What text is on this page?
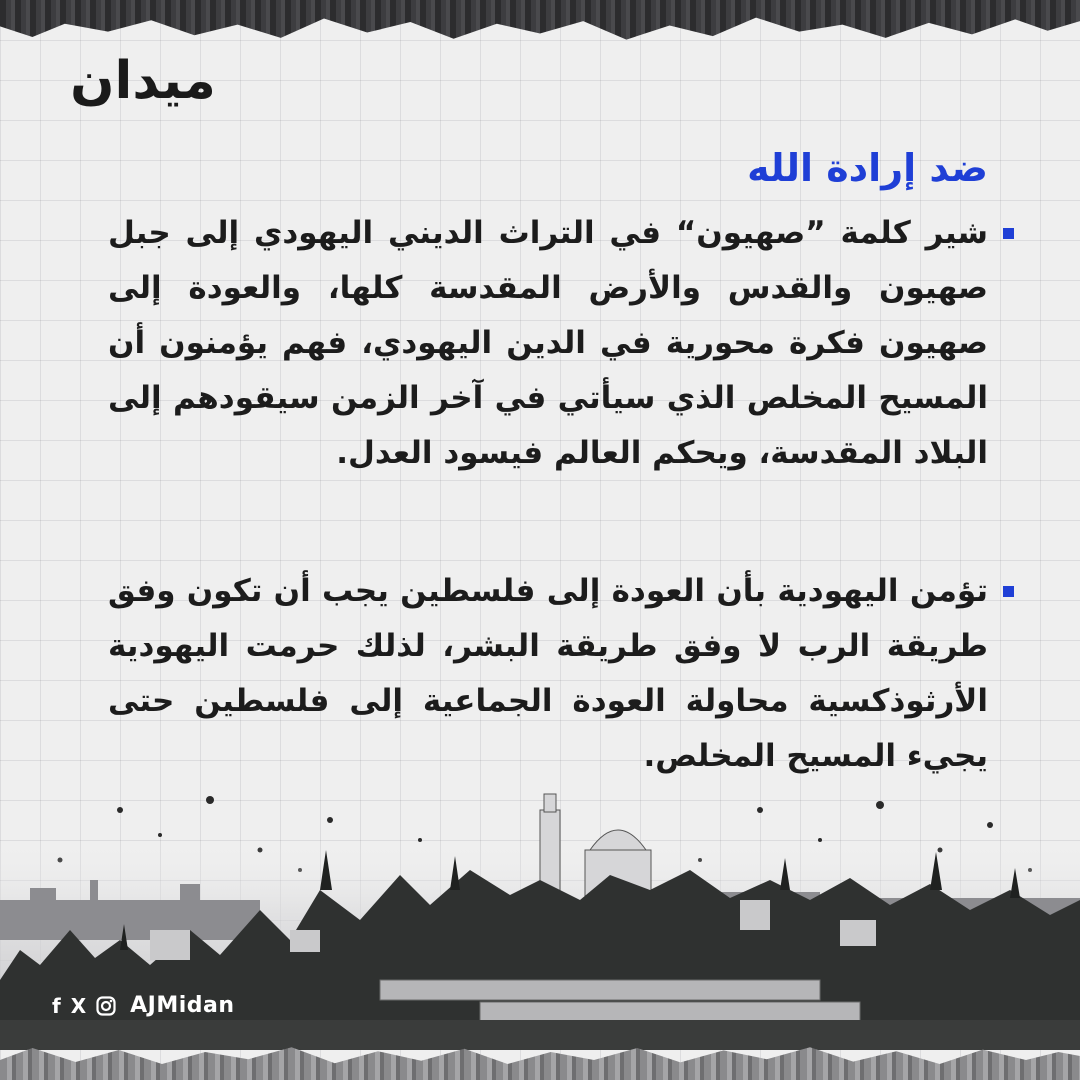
ميدان
ضد إرادة الله
شير كلمة ”صهيون“ في التراث الديني اليهودي إلى جبل صهيون والقدس والأرض المقدسة كلها، والعودة إلى صهيون فكرة محورية في الدين اليهودي، فهم يؤمنون أن المسيح المخلص الذي سيأتي في آخر الزمن سيقودهم إلى البلاد المقدسة، ويحكم العالم فيسود العدل.
تؤمن اليهودية بأن العودة إلى فلسطين يجب أن تكون وفق طريقة الرب لا وفق طريقة البشر، لذلك حرمت اليهودية الأرثوذكسية محاولة العودة الجماعية إلى فلسطين حتى يجيء المسيح المخلص.
f X AJMidan
